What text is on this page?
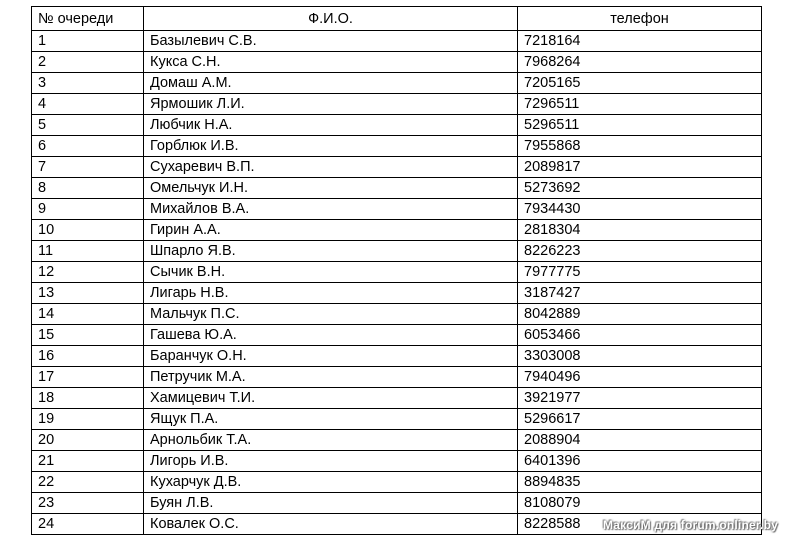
№ очереди	Ф.И.О.	телефон
1	Базылевич С.В.	7218164
2	Кукса С.Н.	7968264
3	Домаш А.М.	7205165
4	Ярмошик Л.И.	7296511
5	Любчик Н.А.	5296511
6	Горблюк И.В.	7955868
7	Сухаревич В.П.	2089817
8	Омельчук И.Н.	5273692
9	Михайлов В.А.	7934430
10	Гирин А.А.	2818304
11	Шпарло Я.В.	8226223
12	Сычик В.Н.	7977775
13	Лигарь Н.В.	3187427
14	Мальчук П.С.	8042889
15	Гашева Ю.А.	6053466
16	Баранчук О.Н.	3303008
17	Петручик М.А.	7940496
18	Хамицевич Т.И.	3921977
19	Ящук П.А.	5296617
20	Арнольбик Т.А.	2088904
21	Лигорь И.В.	6401396
22	Кухарчук Д.В.	8894835
23	Буян Л.В.	8108079
24	Ковалек О.С.	8228588 МаксиМ для forum.onliner.by
